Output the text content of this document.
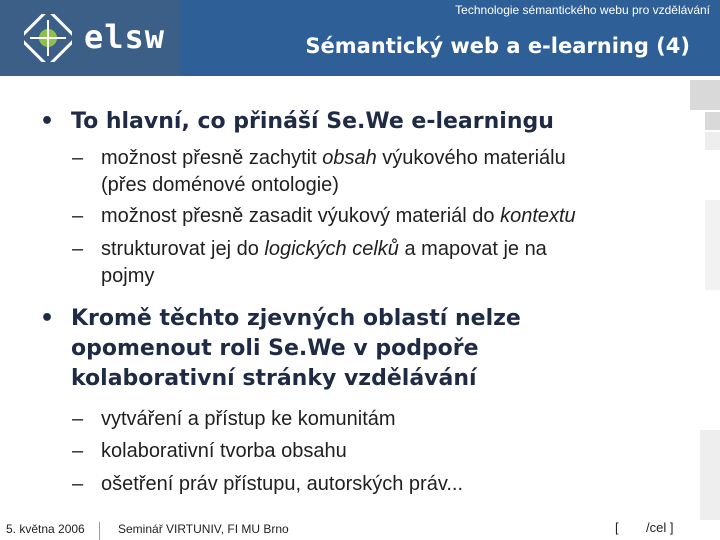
elsw
Technologie sémantického webu pro vzdělávání
Sémantický web a e-learning (4)
• To hlavní, co přináší Se.We e-learningu
– možnost přesně zachytit obsah výukového materiálu
(přes doménové ontologie)
– možnost přesně zasadit výukový materiál do kontextu
– strukturovat jej do logických celků a mapovat je na
pojmy
• Kromě těchto zjevných oblastí nelze opomenout roli Se.We v podpoře kolaborativní stránky vzdělávání
– vytváření a přístup ke komunitám
– kolaborativní tvorba obsahu
– ošetření práv přístupu, autorských práv...
5. května 2006	Seminář VIRTUNIV, FI MU Brno	[ /cel ]
